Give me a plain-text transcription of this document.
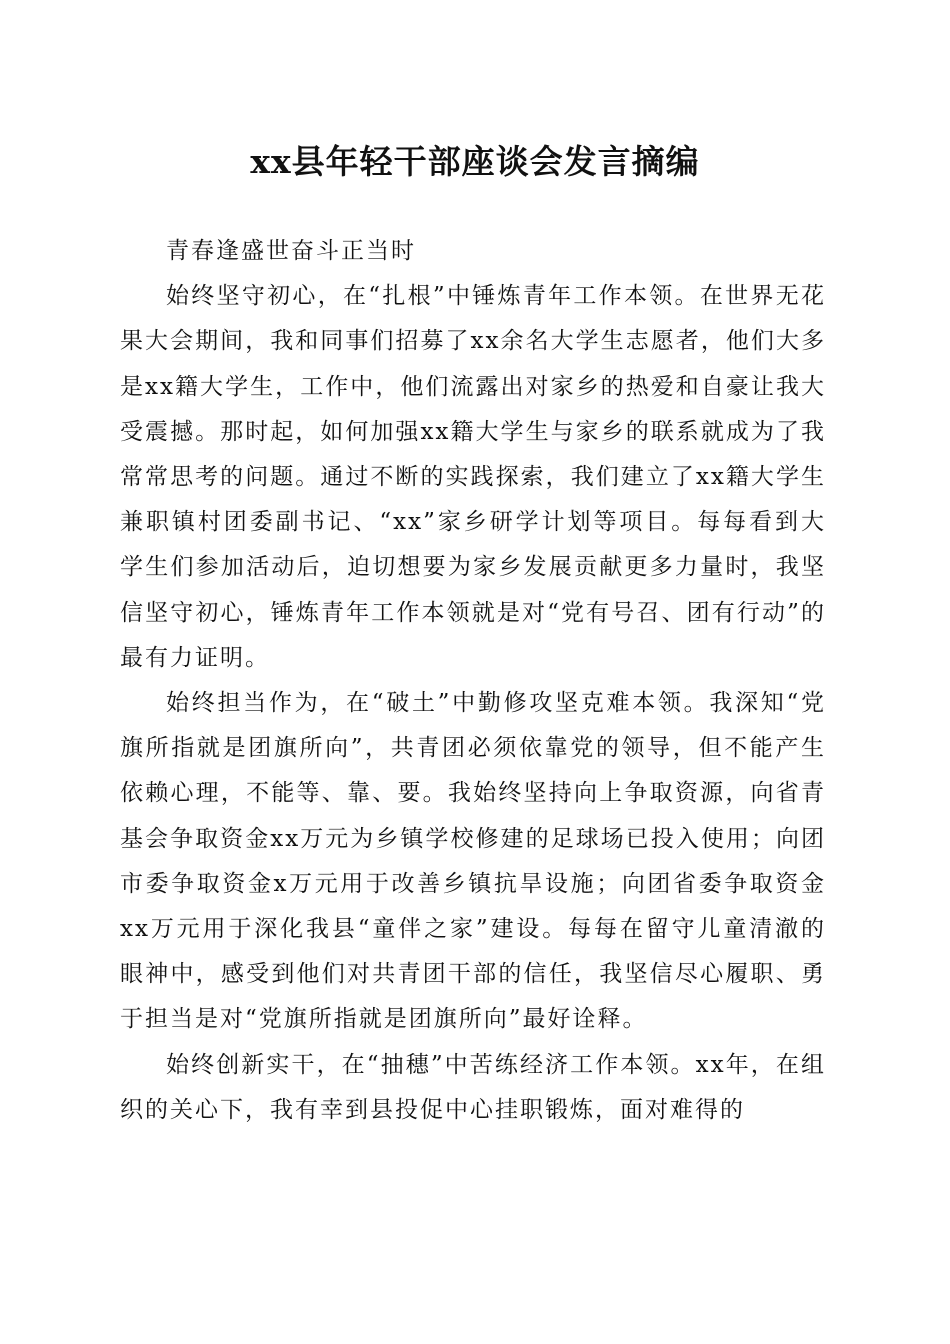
xx县年轻干部座谈会发言摘编

青春逢盛世奋斗正当时

始终坚守初心，在“扎根”中锤炼青年工作本领。在世界无花果大会期间，我和同事们招募了xx余名大学生志愿者，他们大多是xx籍大学生，工作中，他们流露出对家乡的热爱和自豪让我大受震撼。那时起，如何加强xx籍大学生与家乡的联系就成为了我常常思考的问题。通过不断的实践探索，我们建立了xx籍大学生兼职镇村团委副书记、“xx”家乡研学计划等项目。每每看到大学生们参加活动后，迫切想要为家乡发展贡献更多力量时，我坚信坚守初心，锤炼青年工作本领就是对“党有号召、团有行动”的最有力证明。

始终担当作为，在“破土”中勤修攻坚克难本领。我深知“党旗所指就是团旗所向”，共青团必须依靠党的领导，但不能产生依赖心理，不能等、靠、要。我始终坚持向上争取资源，向省青基会争取资金xx万元为乡镇学校修建的足球场已投入使用；向团市委争取资金x万元用于改善乡镇抗旱设施；向团省委争取资金xx万元用于深化我县“童伴之家”建设。每每在留守儿童清澈的眼神中，感受到他们对共青团干部的信任，我坚信尽心履职、勇于担当是对“党旗所指就是团旗所向”最好诠释。

始终创新实干，在“抽穗”中苦练经济工作本领。xx年，在组织的关心下，我有幸到县投促中心挂职锻炼，面对难得的
